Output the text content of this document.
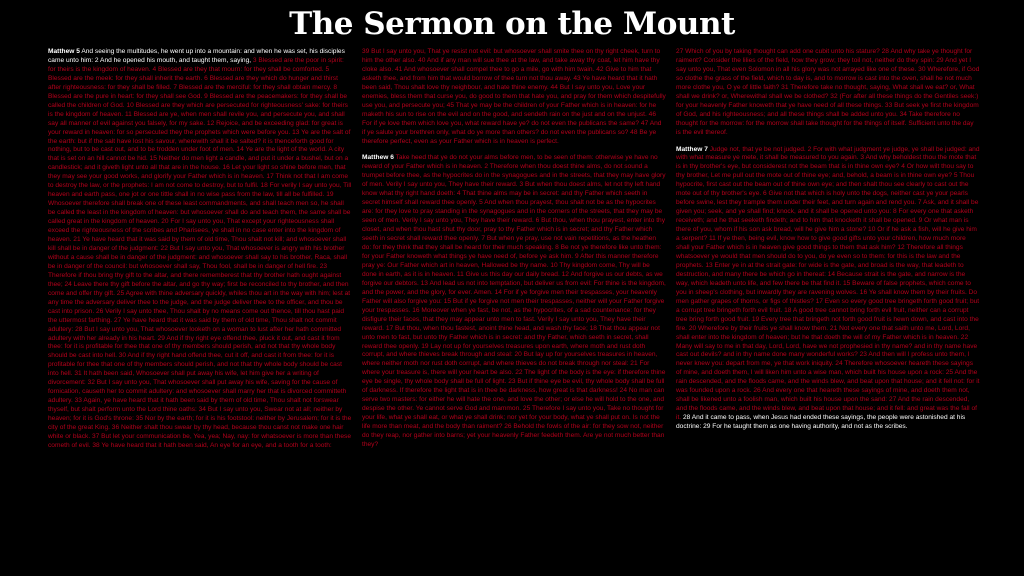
The Sermon on the Mount

Matthew 5 And seeing the multitudes, he went up into a mountain: and when he was set, his disciples came unto him: 2 And he opened his mouth, and taught them, saying, 3 Blessed are the poor in spirit: for theirs is the kingdom of heaven. 4 Blessed are they that mourn: for they shall be comforted. 5 Blessed are the meek: for they shall inherit the earth. 6 Blessed are they which do hunger and thirst after righteousness: for they shall be filled. 7 Blessed are the merciful: for they shall obtain mercy. 8 Blessed are the pure in heart: for they shall see God. 9 Blessed are the peacemakers: for they shall be called the children of God. 10 Blessed are they which are persecuted for righteousness' sake: for theirs is the kingdom of heaven. 11 Blessed are ye, when men shall revile you, and persecute you, and shall say all manner of evil against you falsely, for my sake. 12 Rejoice, and be exceeding glad: for great is your reward in heaven: for so persecuted they the prophets which were before you. 13 Ye are the salt of the earth: but if the salt have lost his savour, wherewith shall it be salted? it is thenceforth good for nothing, but to be cast out, and to be trodden under foot of men. 14 Ye are the light of the world. A city that is set on an hill cannot be hid. 15 Neither do men light a candle, and put it under a bushel, but on a candlestick; and it giveth light unto all that are in the house. 16 Let your light so shine before men, that they may see your good works, and glorify your Father which is in heaven. 17 Think not that I am come to destroy the law, or the prophets: I am not come to destroy, but to fulfil. 18 For verily I say unto you, Till heaven and earth pass, one jot or one tittle shall in no wise pass from the law, till all be fulfilled. 19 Whosoever therefore shall break one of these least commandments, and shall teach men so, he shall be called the least in the kingdom of heaven: but whosoever shall do and teach them, the same shall be called great in the kingdom of heaven. 20 For I say unto you, That except your righteousness shall exceed the righteousness of the scribes and Pharisees, ye shall in no case enter into the kingdom of heaven. 21 Ye have heard that it was said by them of old time, Thou shalt not kill; and whosoever shall kill shall be in danger of the judgment: 22 But I say unto you, That whosoever is angry with his brother without a cause shall be in danger of the judgment: and whosoever shall say to his brother, Raca, shall be in danger of the council: but whosoever shall say, Thou fool, shall be in danger of hell fire. 23 Therefore if thou bring thy gift to the altar, and there rememberest that thy brother hath ought against thee; 24 Leave there thy gift before the altar, and go thy way; first be reconciled to thy brother, and then come and offer thy gift. 25 Agree with thine adversary quickly, whiles thou art in the way with him; lest at any time the adversary deliver thee to the judge, and the judge deliver thee to the officer, and thou be cast into prison. 26 Verily I say unto thee, Thou shalt by no means come out thence, till thou hast paid the uttermost farthing. 27 Ye have heard that it was said by them of old time, Thou shalt not commit adultery: 28 But I say unto you, That whosoever looketh on a woman to lust after her hath committed adultery with her already in his heart. 29 And if thy right eye offend thee, pluck it out, and cast it from thee: for it is profitable for thee that one of thy members should perish, and not that thy whole body should be cast into hell. 30 And if thy right hand offend thee, cut it off, and cast it from thee: for it is profitable for thee that one of thy members should perish, and not that thy whole body should be cast into hell. 31 It hath been said, Whosoever shall put away his wife, let him give her a writing of divorcement: 32 But I say unto you, That whosoever shall put away his wife, saving for the cause of fornication, causeth her to commit adultery: and whosoever shall marry her that is divorced committeth adultery. 33 Again, ye have heard that it hath been said by them of old time, Thou shalt not forswear thyself, but shalt perform unto the Lord thine oaths: 34 But I say unto you, Swear not at all; neither by heaven; for it is God's throne: 35 Nor by the earth; for it is his footstool: neither by Jerusalem; for it is the city of the great King. 36 Neither shalt thou swear by thy head, because thou canst not make one hair white or black. 37 But let your communication be, Yea, yea; Nay, nay: for whatsoever is more than these cometh of evil. 38 Ye have heard that it hath been said, An eye for an eye, and a tooth for a tooth:

39 But I say unto you, That ye resist not evil: but whosoever shall smite thee on thy right cheek, turn to him the other also. 40 And if any man will sue thee at the law, and take away thy coat, let him have thy cloke also. 41 And whosoever shall compel thee to go a mile, go with him twain. 42 Give to him that asketh thee, and from him that would borrow of thee turn not thou away. 43 Ye have heard that it hath been said, Thou shalt love thy neighbour, and hate thine enemy. 44 But I say unto you, Love your enemies, bless them that curse you, do good to them that hate you, and pray for them which despitefully use you, and persecute you; 45 That ye may be the children of your Father which is in heaven: for he maketh his sun to rise on the evil and on the good, and sendeth rain on the just and on the unjust. 46 For if ye love them which love you, what reward have ye? do not even the publicans the same? 47 And if ye salute your brethren only, what do ye more than others? do not even the publicans so? 48 Be ye therefore perfect, even as your Father which is in heaven is perfect.

Matthew 6 Take heed that ye do not your alms before men, to be seen of them: otherwise ye have no reward of your Father which is in heaven. 2 Therefore when thou doest thine alms, do not sound a trumpet before thee, as the hypocrites do in the synagogues and in the streets, that they may have glory of men. Verily I say unto you, They have their reward. 3 But when thou doest alms, let not thy left hand know what thy right hand doeth: 4 That thine alms may be in secret: and thy Father which seeth in secret himself shall reward thee openly. 5 And when thou prayest, thou shalt not be as the hypocrites are: for they love to pray standing in the synagogues and in the corners of the streets, that they may be seen of men. Verily I say unto you, They have their reward. 6 But thou, when thou prayest, enter into thy closet, and when thou hast shut thy door, pray to thy Father which is in secret; and thy Father which seeth in secret shall reward thee openly. 7 But when ye pray, use not vain repetitions, as the heathen do: for they think that they shall be heard for their much speaking. 8 Be not ye therefore like unto them: for your Father knoweth what things ye have need of, before ye ask him. 9 After this manner therefore pray ye: Our Father which art in heaven, Hallowed be thy name. 10 Thy kingdom come, Thy will be done in earth, as it is in heaven. 11 Give us this day our daily bread. 12 And forgive us our debts, as we forgive our debtors. 13 And lead us not into temptation, but deliver us from evil: For thine is the kingdom, and the power, and the glory, for ever. Amen. 14 For if ye forgive men their trespasses, your heavenly Father will also forgive you: 15 But if ye forgive not men their trespasses, neither will your Father forgive your trespasses. 16 Moreover when ye fast, be not, as the hypocrites, of a sad countenance: for they disfigure their faces, that they may appear unto men to fast. Verily I say unto you, They have their reward. 17 But thou, when thou fastest, anoint thine head, and wash thy face; 18 That thou appear not unto men to fast, but unto thy Father which is in secret: and thy Father, which seeth in secret, shall reward thee openly. 19 Lay not up for yourselves treasures upon earth, where moth and rust doth corrupt, and where thieves break through and steal: 20 But lay up for yourselves treasures in heaven, where neither moth nor rust doth corrupt, and where thieves do not break through nor steal: 21 For where your treasure is, there will your heart be also. 22 The light of the body is the eye: if therefore thine eye be single, thy whole body shall be full of light. 23 But if thine eye be evil, thy whole body shall be full of darkness. If therefore the light that is in thee be darkness, how great is that darkness! 24 No man can serve two masters: for either he will hate the one, and love the other; or else he will hold to the one, and despise the other. Ye cannot serve God and mammon. 25 Therefore I say unto you, Take no thought for your life, what ye shall eat, or what ye shall drink; nor yet for your body, what ye shall put on. Is not the life more than meat, and the body than raiment? 26 Behold the fowls of the air: for they sow not, neither do they reap, nor gather into barns; yet your heavenly Father feedeth them. Are ye not much better than they?

27 Which of you by taking thought can add one cubit unto his stature? 28 And why take ye thought for raiment? Consider the lilies of the field, how they grow; they toil not, neither do they spin: 29 And yet I say unto you, That even Solomon in all his glory was not arrayed like one of these. 30 Wherefore, if God so clothe the grass of the field, which to day is, and to morrow is cast into the oven, shall he not much more clothe you, O ye of little faith? 31 Therefore take no thought, saying, What shall we eat? or, What shall we drink? or, Wherewithal shall we be clothed? 32 (For after all these things do the Gentiles seek:) for your heavenly Father knoweth that ye have need of all these things. 33 But seek ye first the kingdom of God, and his righteousness; and all these things shall be added unto you. 34 Take therefore no thought for the morrow: for the morrow shall take thought for the things of itself. Sufficient unto the day is the evil thereof.

Matthew 7 Judge not, that ye be not judged. 2 For with what judgment ye judge, ye shall be judged: and with what measure ye mete, it shall be measured to you again. 3 And why beholdest thou the mote that is in thy brother's eye, but considerest not the beam that is in thine own eye? 4 Or how wilt thou say to thy brother, Let me pull out the mote out of thine eye; and, behold, a beam is in thine own eye? 5 Thou hypocrite, first cast out the beam out of thine own eye; and then shalt thou see clearly to cast out the mote out of thy brother's eye. 6 Give not that which is holy unto the dogs, neither cast ye your pearls before swine, lest they trample them under their feet, and turn again and rend you. 7 Ask, and it shall be given you; seek, and ye shall find; knock, and it shall be opened unto you: 8 For every one that asketh receiveth; and he that seeketh findeth; and to him that knocketh it shall be opened. 9 Or what man is there of you, whom if his son ask bread, will he give him a stone? 10 Or if he ask a fish, will he give him a serpent? 11 If ye then, being evil, know how to give good gifts unto your children, how much more shall your Father which is in heaven give good things to them that ask him? 12 Therefore all things whatsoever ye would that men should do to you, do ye even so to them: for this is the law and the prophets. 13 Enter ye in at the strait gate: for wide is the gate, and broad is the way, that leadeth to destruction, and many there be which go in thereat: 14 Because strait is the gate, and narrow is the way, which leadeth unto life, and few there be that find it. 15 Beware of false prophets, which come to you in sheep's clothing, but inwardly they are ravening wolves. 16 Ye shall know them by their fruits. Do men gather grapes of thorns, or figs of thistles? 17 Even so every good tree bringeth forth good fruit; but a corrupt tree bringeth forth evil fruit. 18 A good tree cannot bring forth evil fruit, neither can a corrupt tree bring forth good fruit. 19 Every tree that bringeth not forth good fruit is hewn down, and cast into the fire. 20 Wherefore by their fruits ye shall know them. 21 Not every one that saith unto me, Lord, Lord, shall enter into the kingdom of heaven; but he that doeth the will of my Father which is in heaven. 22 Many will say to me in that day, Lord, Lord, have we not prophesied in thy name? and in thy name have cast out devils? and in thy name done many wonderful works? 23 And then will I profess unto them, I never knew you: depart from me, ye that work iniquity. 24 Therefore whosoever heareth these sayings of mine, and doeth them, I will liken him unto a wise man, which built his house upon a rock: 25 And the rain descended, and the floods came, and the winds blew, and beat upon that house; and it fell not: for it was founded upon a rock. 26 And every one that heareth these sayings of mine, and doeth them not, shall be likened unto a foolish man, which built his house upon the sand: 27 And the rain descended, and the floods came, and the winds blew, and beat upon that house; and it fell: and great was the fall of it. 28 And it came to pass, when Jesus had ended these sayings, the people were astonished at his doctrine: 29 For he taught them as one having authority, and not as the scribes.
